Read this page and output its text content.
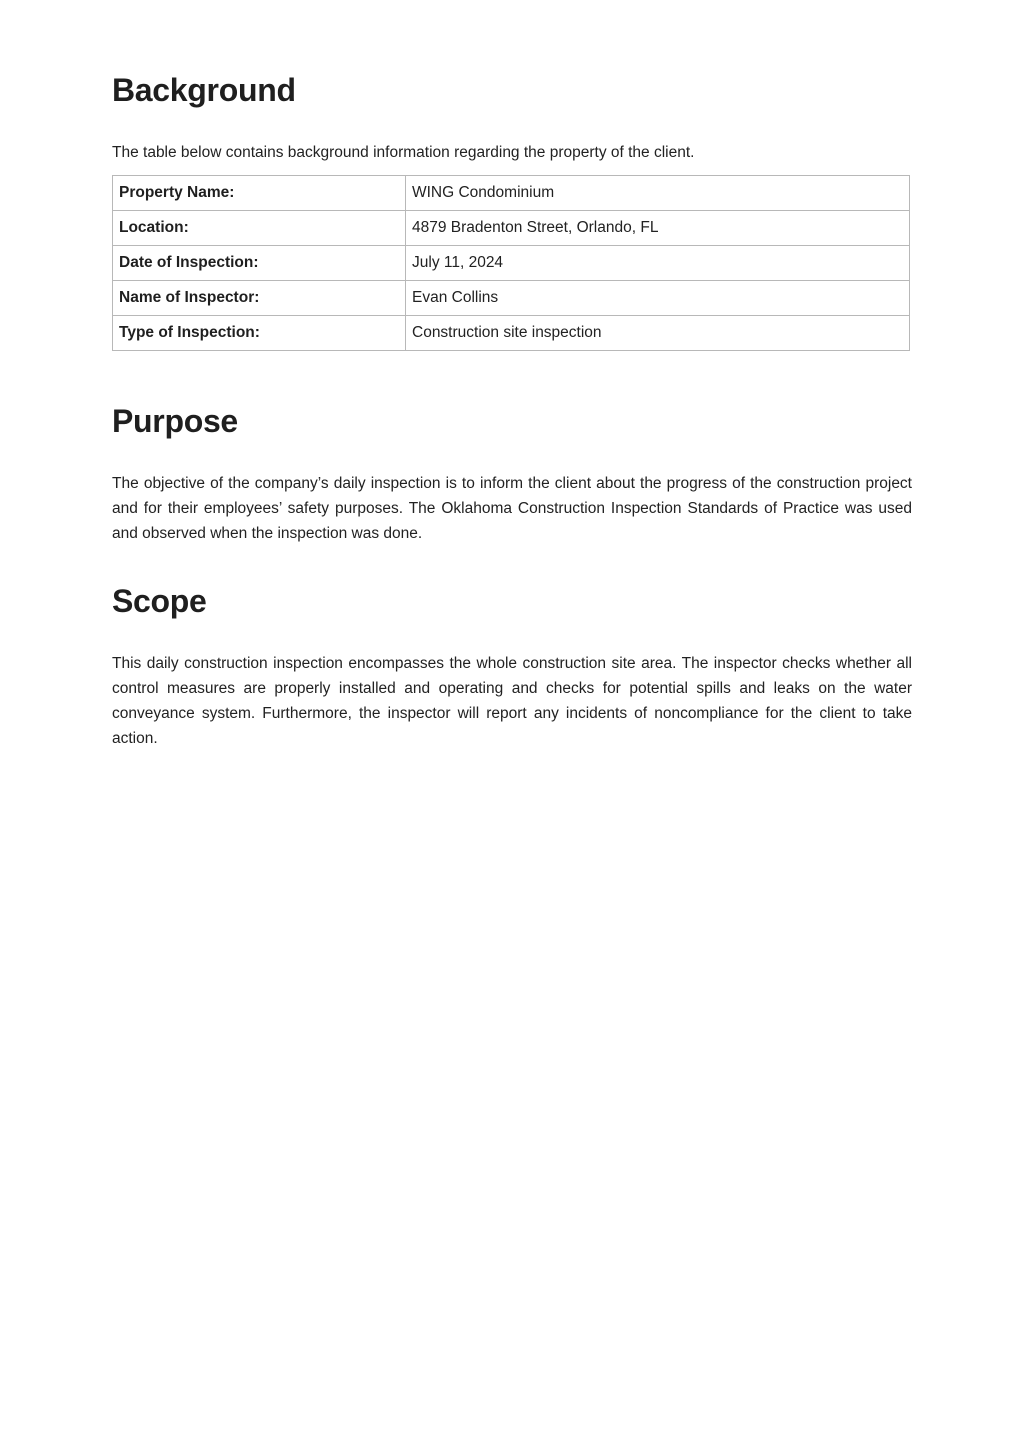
Background

The table below contains background information regarding the property of the client.

Property Name:	WING Condominium
Location:	4879 Bradenton Street, Orlando, FL
Date of Inspection:	July 11, 2024
Name of Inspector:	Evan Collins
Type of Inspection:	Construction site inspection
Purpose

The objective of the company’s daily inspection is to inform the client about the progress of the construction project and for their employees’ safety purposes. The Oklahoma Construction Inspection Standards of Practice was used and observed when the inspection was done.

Scope

This daily construction inspection encompasses the whole construction site area. The inspector checks whether all control measures are properly installed and operating and checks for potential spills and leaks on the water conveyance system. Furthermore, the inspector will report any incidents of noncompliance for the client to take action.
